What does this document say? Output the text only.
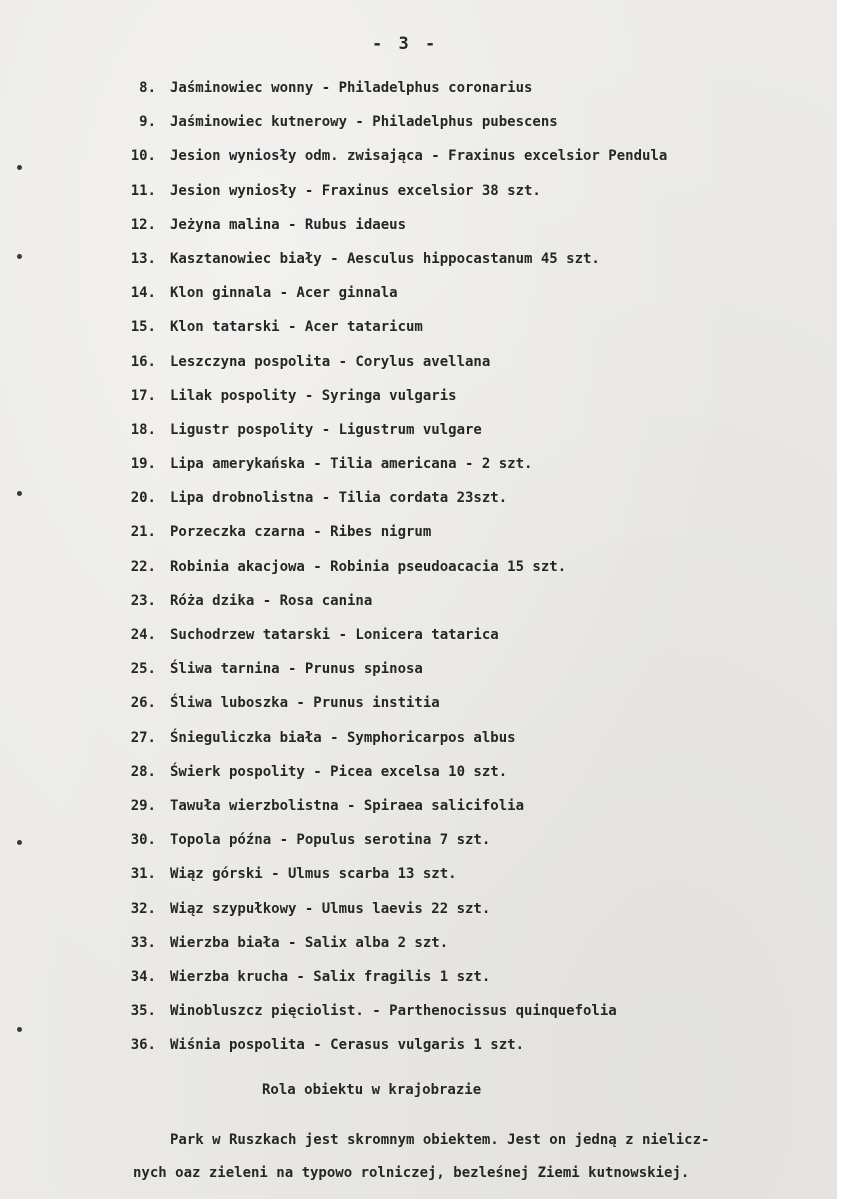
- 3 -
8. Jaśminowiec wonny - Philadelphus coronarius
9. Jaśminowiec kutnerowy - Philadelphus pubescens
10. Jesion wyniosły odm. zwisająca - Fraxinus excelsior Pendula
11. Jesion wyniosły - Fraxinus excelsior 38 szt.
12. Jeżyna malina - Rubus idaeus
13. Kasztanowiec biały - Aesculus hippocastanum 45 szt.
14. Klon ginnala - Acer ginnala
15. Klon tatarski - Acer tataricum
16. Leszczyna pospolita - Corylus avellana
17. Lilak pospolity - Syringa vulgaris
18. Ligustr pospolity - Ligustrum vulgare
19. Lipa amerykańska - Tilia americana - 2 szt.
20. Lipa drobnolistna - Tilia cordata 23szt.
21. Porzeczka czarna - Ribes nigrum
22. Robinia akacjowa - Robinia pseudoacacia 15 szt.
23. Róża dzika - Rosa canina
24. Suchodrzew tatarski - Lonicera tatarica
25. Śliwa tarnina - Prunus spinosa
26. Śliwa luboszka - Prunus institia
27. Śnieguliczka biała - Symphoricarpos albus
28. Świerk pospolity - Picea excelsa 10 szt.
29. Tawuła wierzbolistna - Spiraea salicifolia
30. Topola późna - Populus serotina 7 szt.
31. Wiąz górski - Ulmus scarba 13 szt.
32. Wiąz szypułkowy - Ulmus laevis 22 szt.
33. Wierzba biała - Salix alba 2 szt.
34. Wierzba krucha - Salix fragilis 1 szt.
35. Winobluszcz pięciolist. - Parthenocissus quinquefolia
36. Wiśnia pospolita - Cerasus vulgaris 1 szt.
Rola obiektu w krajobrazie
Park w Ruszkach jest skromnym obiektem. Jest on jedną z nielicz-
nych oaz zieleni na typowo rolniczej, bezleśnej Ziemi kutnowskiej.
